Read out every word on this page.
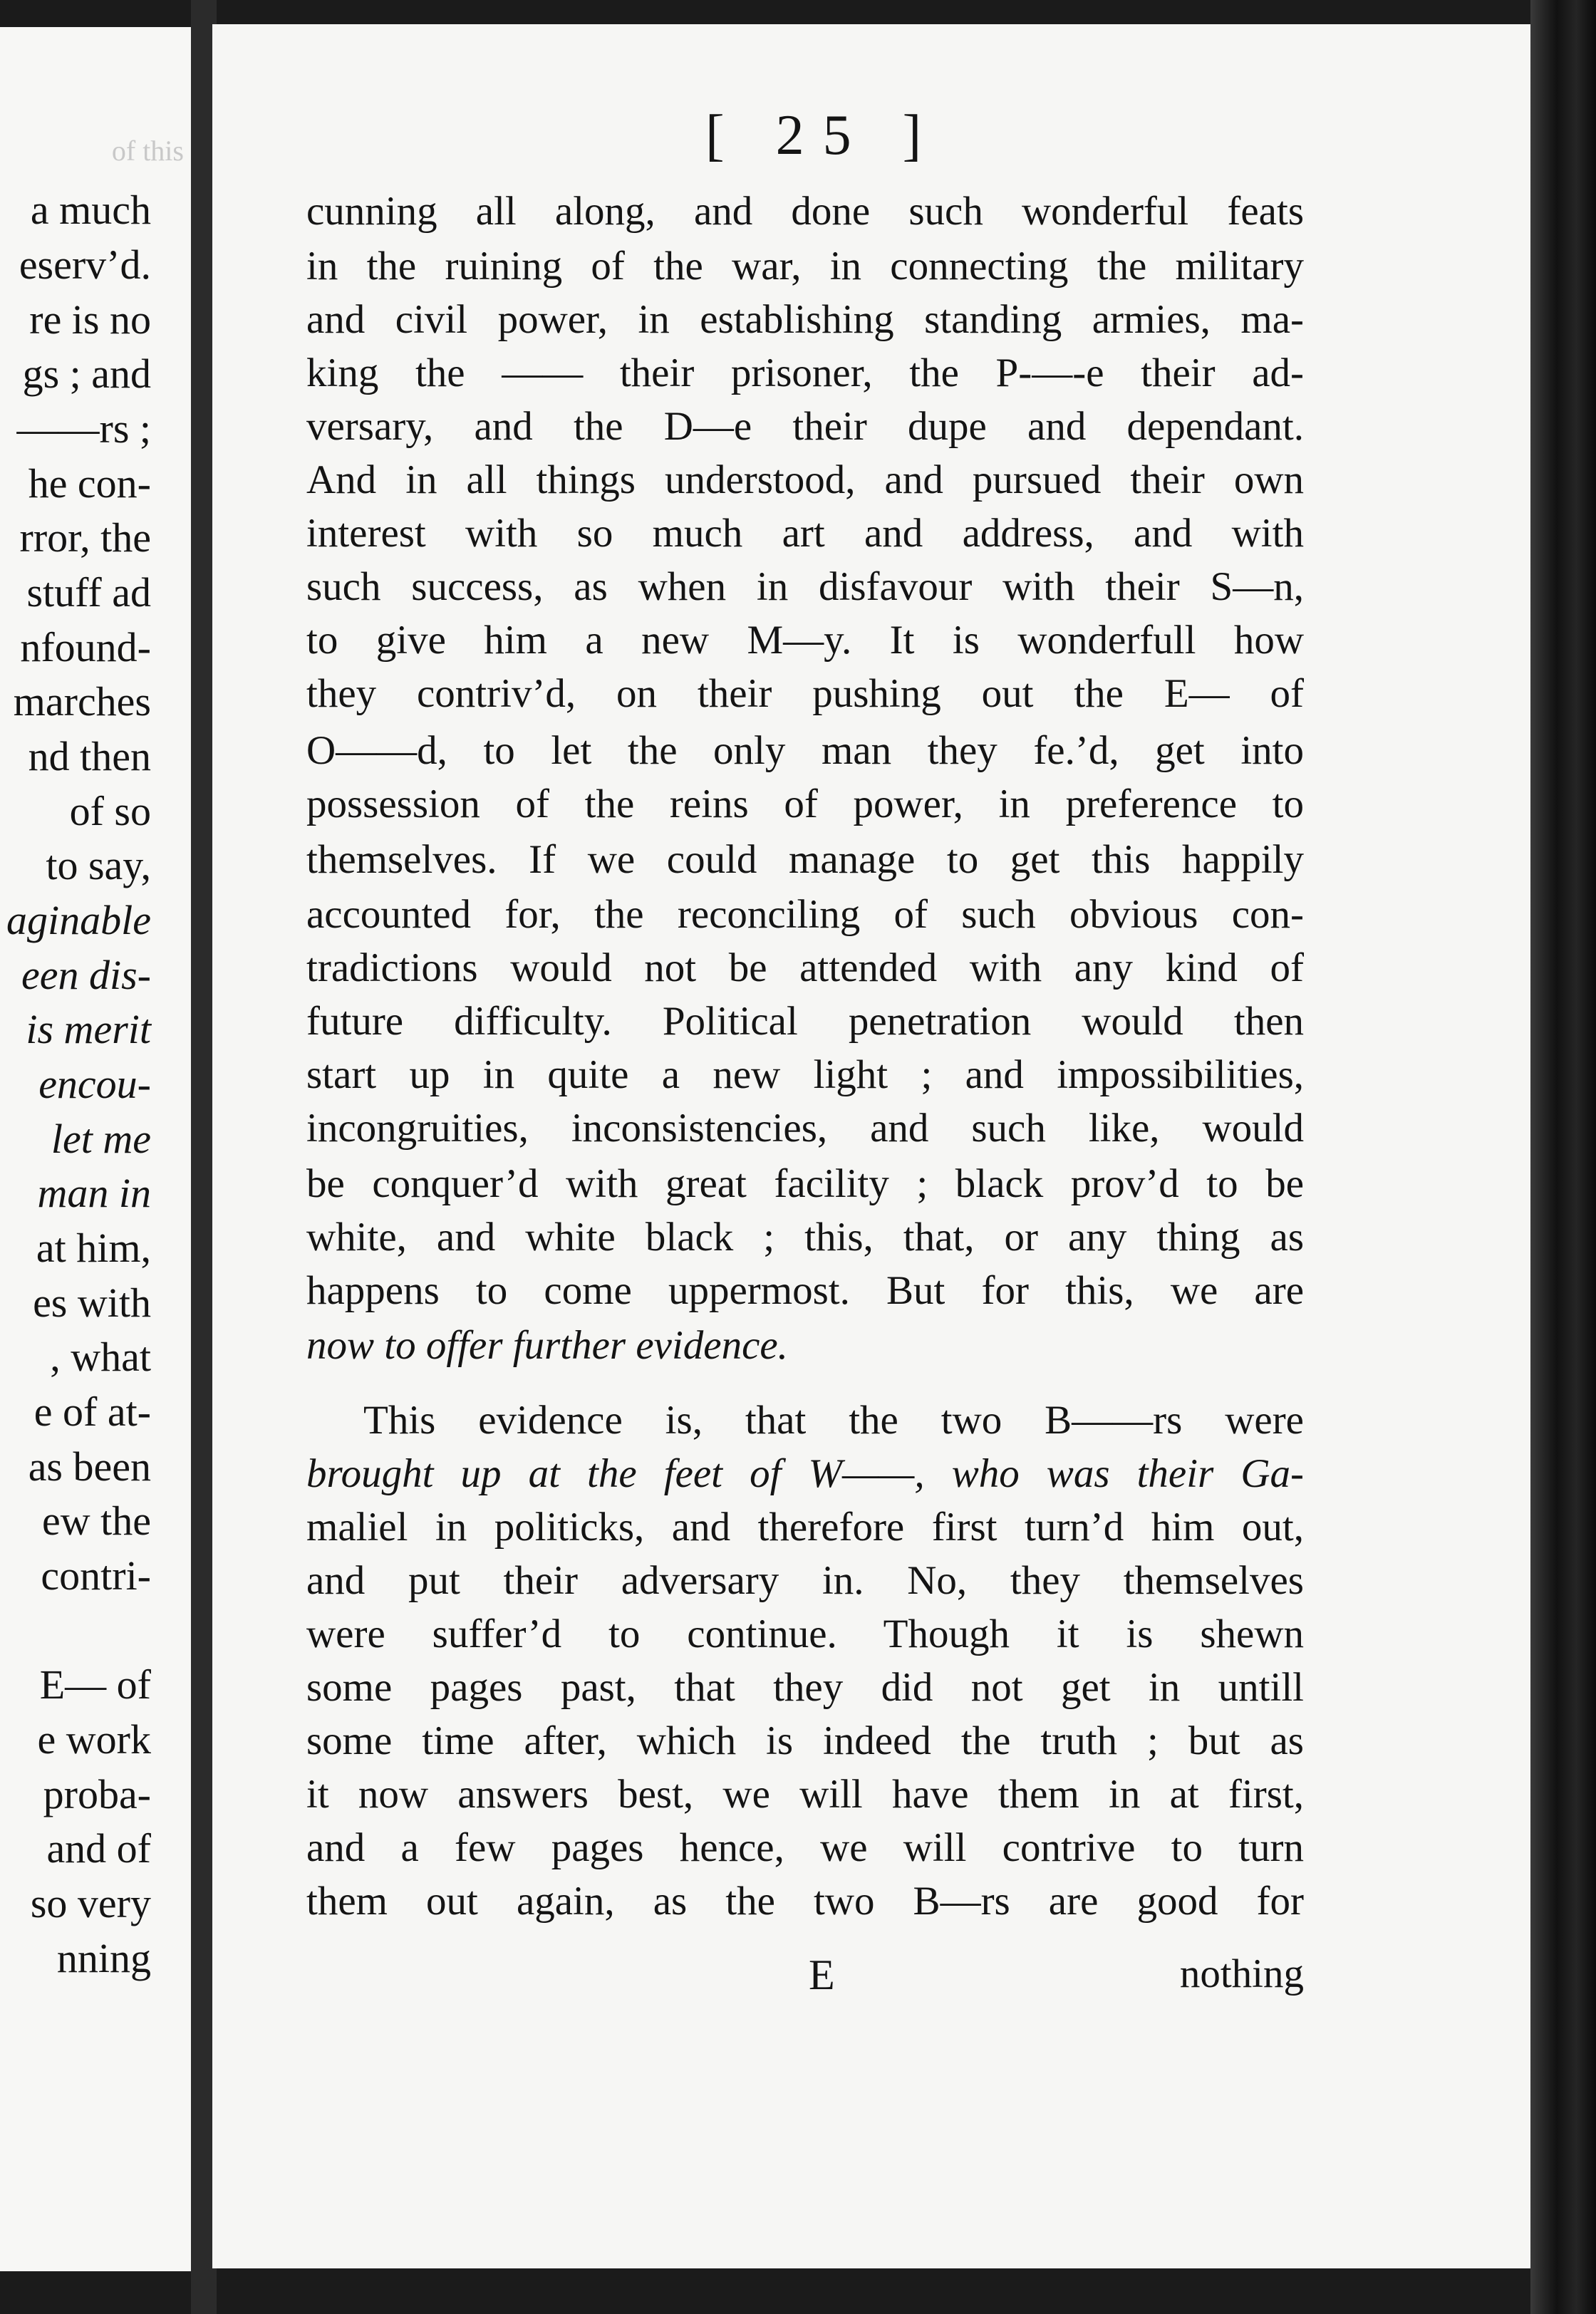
of this
a much
eserv’d.
re is no
gs ; and
——rs ;
he con-
rror, the
stuff ad
nfound-
marches
nd then
of so
to say,
aginable
een dis-
is merit
encou-
let me
man in
at him,
es with
, what
e of at-
as been
ew the
contri-
E— of
e work
proba-
and of
so very
nning
[ 25 ]
cunning all along, and done such wonderful feats
in the ruining of the war, in connecting the military
and civil power, in establishing standing armies, ma-
king the —— their prisoner, the P-—-e their ad-
versary, and the D—e their dupe and dependant.
And in all things understood, and pursued their own
interest with so much art and address, and with
such success, as when in disfavour with their S—n,
to give him a new M—y. It is wonderfull how
they contriv’d, on their pushing out the E— of
O——d, to let the only man they fe.’d, get into
possession of the reins of power, in preference to
themselves. If we could manage to get this happily
accounted for, the reconciling of such obvious con-
tradictions would not be attended with any kind of
future difficulty. Political penetration would then
start up in quite a new light ; and impossibilities,
incongruities, inconsistencies, and such like, would
be conquer’d with great facility ; black prov’d to be
white, and white black ; this, that, or any thing as
happens to come uppermost. But for this, we are
now to offer further evidence.
This evidence is, that the two B——rs were
brought up at the feet of W——, who was their Ga-
maliel in politicks, and therefore first turn’d him out,
and put their adversary in. No, they themselves
were suffer’d to continue. Though it is shewn
some pages past, that they did not get in untill
some time after, which is indeed the truth ; but as
it now answers best, we will have them in at first,
and a few pages hence, we will contrive to turn
them out again, as the two B—rs are good for
E	nothing
